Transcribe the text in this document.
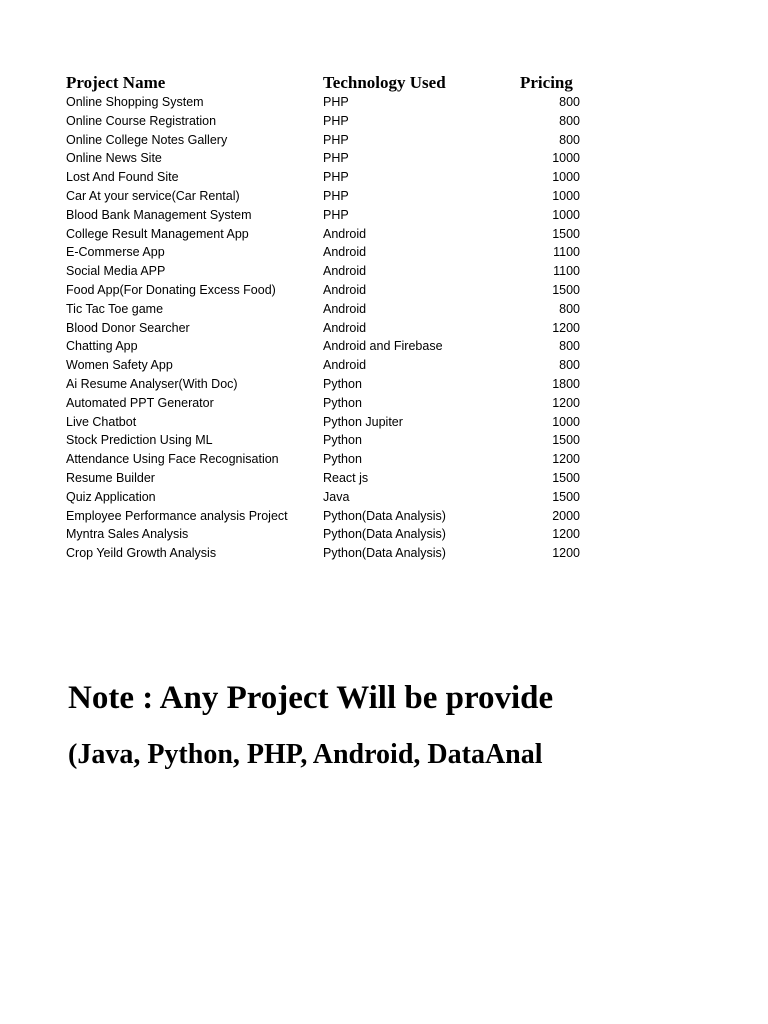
Project Name	Technology Used	Pricing
Online Shopping System	PHP	800
Online Course Registration	PHP	800
Online College Notes Gallery	PHP	800
Online News Site	PHP	1000
Lost And Found Site	PHP	1000
Car At your service(Car Rental)	PHP	1000
Blood Bank Management System	PHP	1000
College Result Management App	Android	1500
E-Commerse App	Android	1100
Social Media APP	Android	1100
Food App(For Donating Excess Food)	Android	1500
Tic Tac Toe game	Android	800
Blood Donor Searcher	Android	1200
Chatting App	Android and Firebase	800
Women Safety App	Android	800
Ai Resume Analyser(With Doc)	Python	1800
Automated PPT Generator	Python	1200
Live Chatbot	Python Jupiter	1000
Stock Prediction Using ML	Python	1500
Attendance Using Face Recognisation	Python	1200
Resume Builder	React js	1500
Quiz Application	Java	1500
Employee Performance analysis Project	Python(Data Analysis)	2000
Myntra Sales Analysis	Python(Data Analysis)	1200
Crop Yeild Growth Analysis	Python(Data Analysis)	1200
Note : Any Project Will be provide
(Java, Python, PHP, Android, DataAnal
